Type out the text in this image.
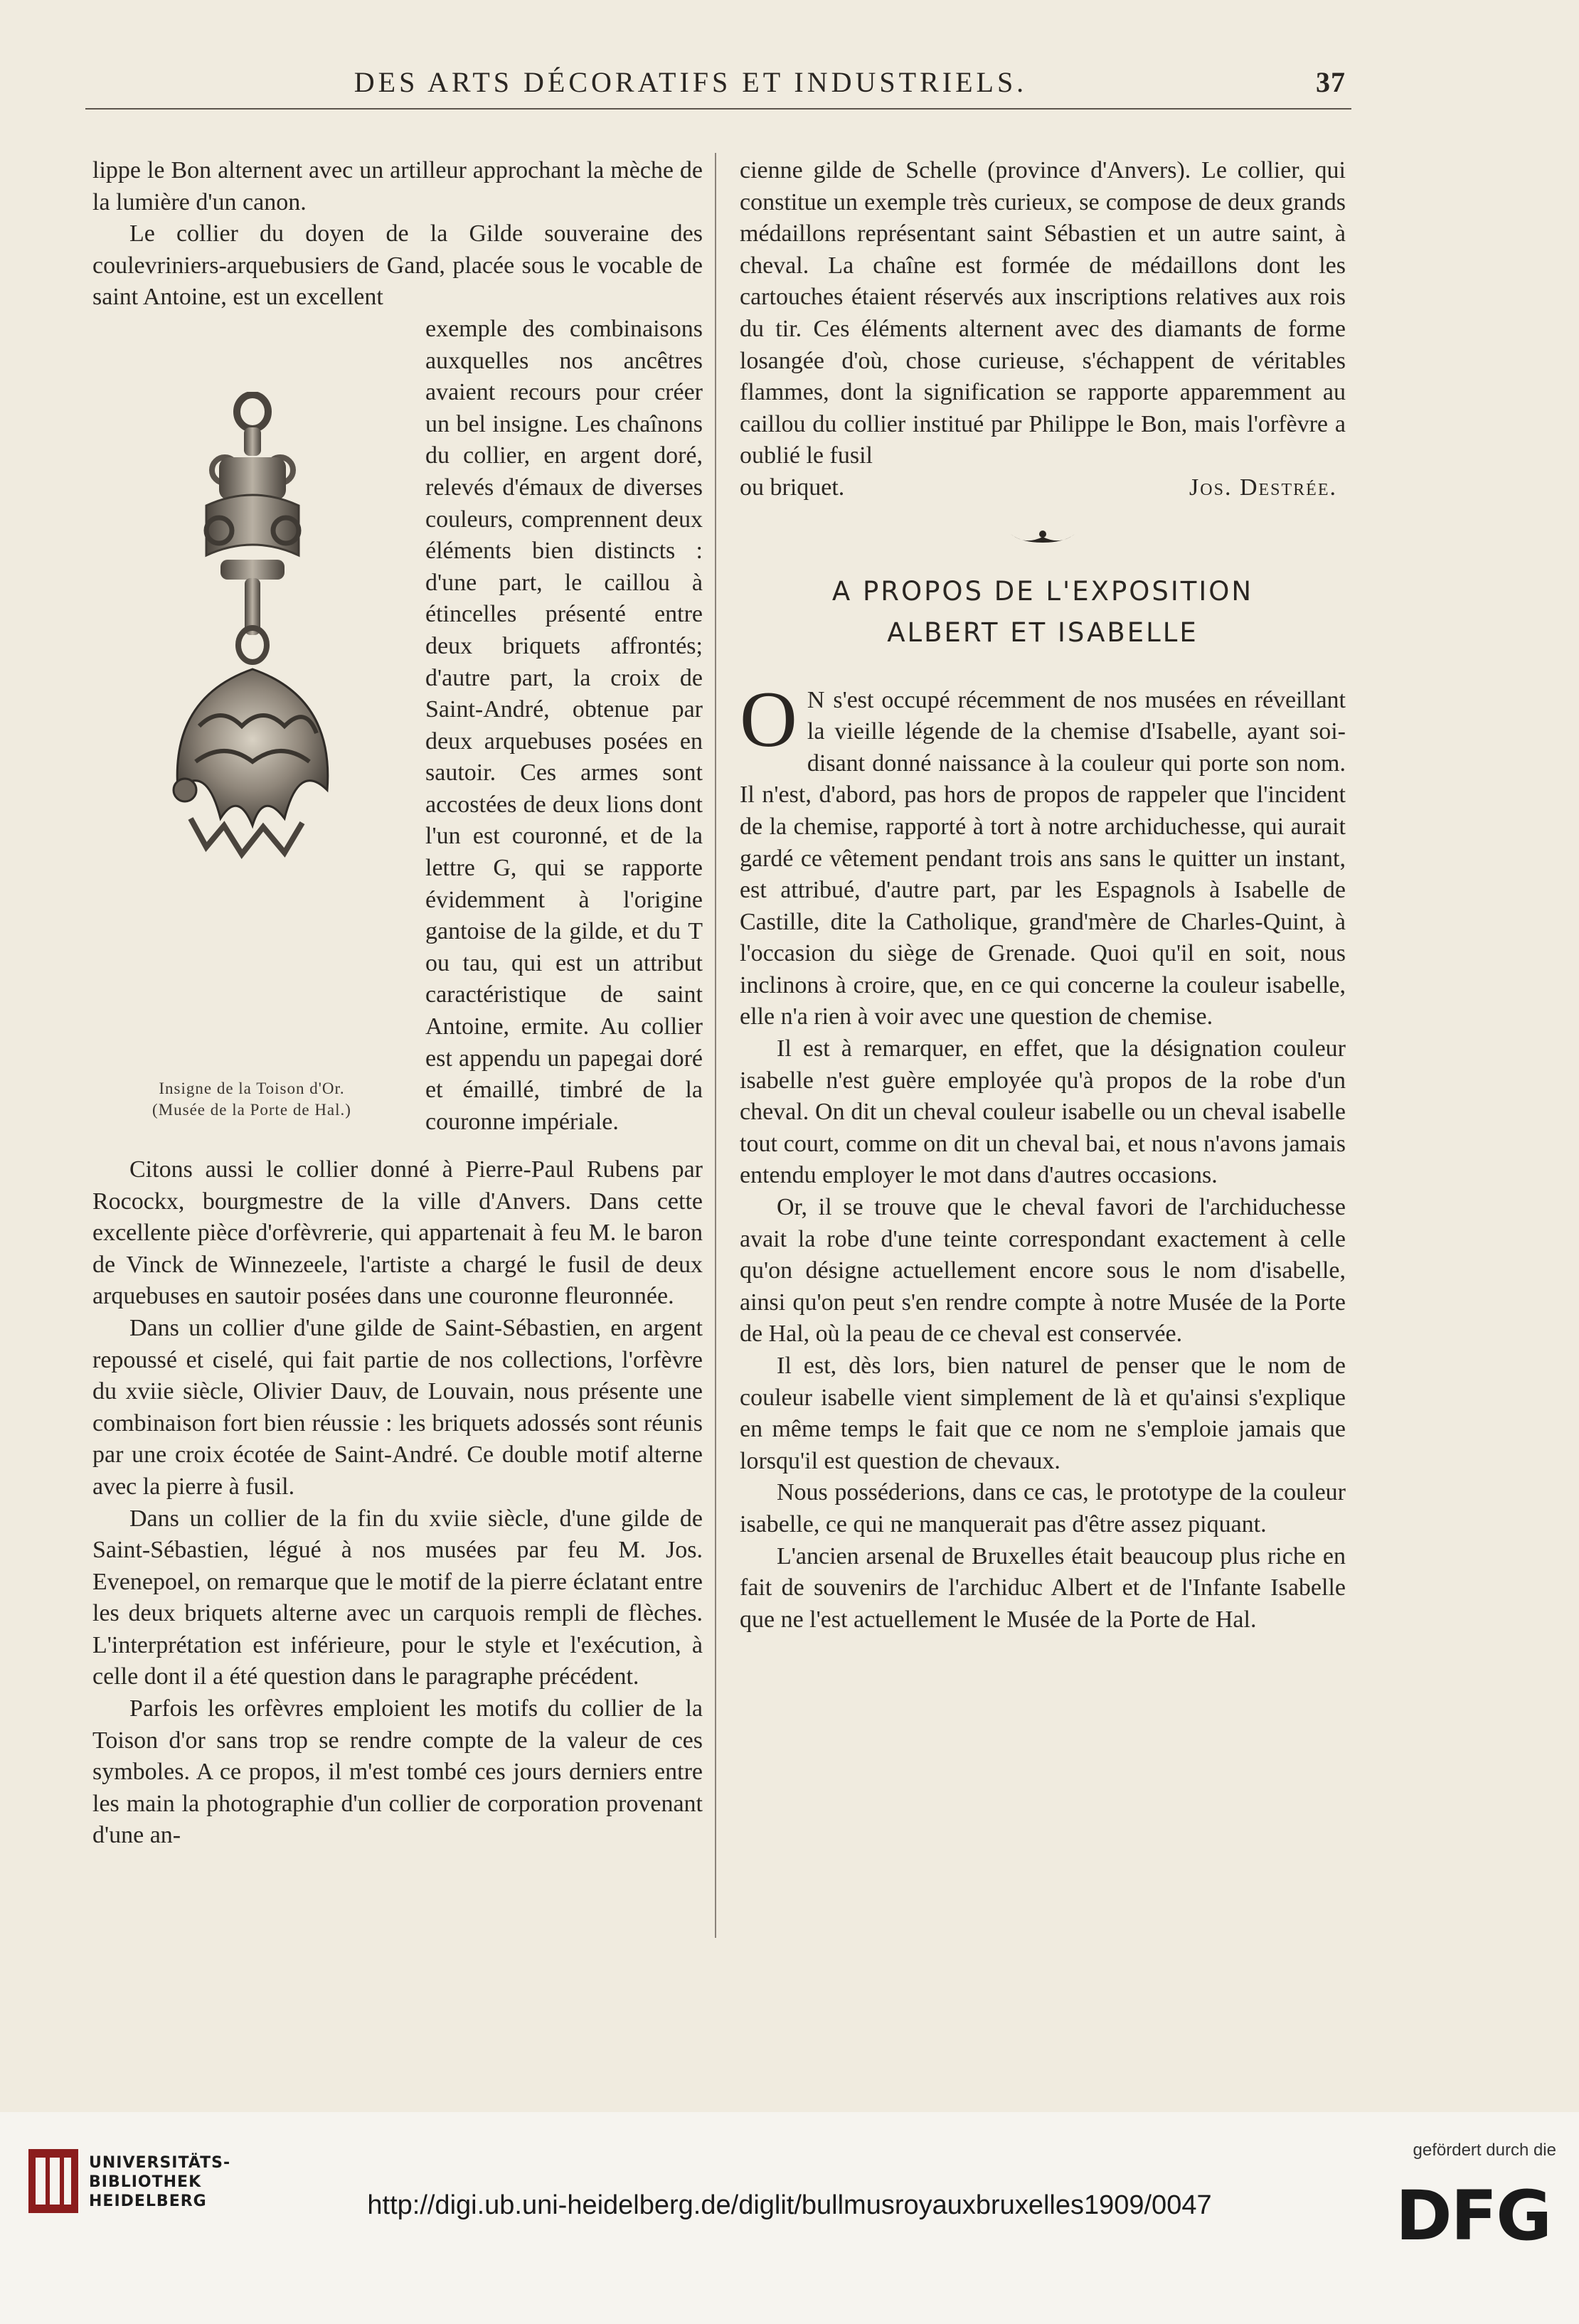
DES ARTS DÉCORATIFS ET INDUSTRIELS.	37

lippe le Bon alternent avec un artilleur approchant la mèche de la lumière d'un canon.

Le collier du doyen de la Gilde souveraine des coulevriniers-arquebusiers de Gand, placée sous le vocable de saint Antoine, est un excellent

Insigne de la Toison d'Or.
(Musée de la Porte de Hal.)

exemple des combinaisons auxquelles nos ancêtres avaient recours pour créer un bel insigne. Les chaînons du collier, en argent doré, relevés d'émaux de diverses couleurs, comprennent deux éléments bien distincts : d'une part, le caillou à étincelles présenté entre deux briquets affrontés; d'autre part, la croix de Saint-André, obtenue par deux arquebuses posées en sautoir. Ces armes sont accostées de deux lions dont l'un est couronné, et de la lettre G, qui se rapporte évidemment à l'origine gantoise de la gilde, et du T ou tau, qui est un attribut caractéristique de saint Antoine, ermite. Au collier est appendu un papegai doré et émaillé, timbré de la couronne impériale.

Citons aussi le collier donné à Pierre-Paul Rubens par Rocockx, bourgmestre de la ville d'Anvers. Dans cette excellente pièce d'orfèvrerie, qui appartenait à feu M. le baron de Vinck de Winnezeele, l'artiste a chargé le fusil de deux arquebuses en sautoir posées dans une couronne fleuronnée.

Dans un collier d'une gilde de Saint-Sébastien, en argent repoussé et ciselé, qui fait partie de nos collections, l'orfèvre du xviie siècle, Olivier Dauv, de Louvain, nous présente une combinaison fort bien réussie : les briquets adossés sont réunis par une croix écotée de Saint-André. Ce double motif alterne avec la pierre à fusil.

Dans un collier de la fin du xviie siècle, d'une gilde de Saint-Sébastien, légué à nos musées par feu M. Jos. Evenepoel, on remarque que le motif de la pierre éclatant entre les deux briquets alterne avec un carquois rempli de flèches. L'interprétation est inférieure, pour le style et l'exécution, à celle dont il a été question dans le paragraphe précédent.

Parfois les orfèvres emploient les motifs du collier de la Toison d'or sans trop se rendre compte de la valeur de ces symboles. A ce propos, il m'est tombé ces jours derniers entre les main la photographie d'un collier de corporation provenant d'une an-

cienne gilde de Schelle (province d'Anvers). Le collier, qui constitue un exemple très curieux, se compose de deux grands médaillons représentant saint Sébastien et un autre saint, à cheval. La chaîne est formée de médaillons dont les cartouches étaient réservés aux inscriptions relatives aux rois du tir. Ces éléments alternent avec des diamants de forme losangée d'où, chose curieuse, s'échappent de véritables flammes, dont la signification se rapporte apparemment au caillou du collier institué par Philippe le Bon, mais l'orfèvre a oublié le fusil

ou briquet.	Jos. Destrée.

A PROPOS DE L'EXPOSITION
ALBERT ET ISABELLE

O N s'est occupé récemment de nos musées en réveillant la vieille légende de la chemise d'Isabelle, ayant soi-disant donné naissance à la couleur qui porte son nom. Il n'est, d'abord, pas hors de propos de rappeler que l'incident de la chemise, rapporté à tort à notre archiduchesse, qui aurait gardé ce vêtement pendant trois ans sans le quitter un instant, est attribué, d'autre part, par les Espagnols à Isabelle de Castille, dite la Catholique, grand'mère de Charles-Quint, à l'occasion du siège de Grenade. Quoi qu'il en soit, nous inclinons à croire, que, en ce qui concerne la couleur isabelle, elle n'a rien à voir avec une question de chemise.

Il est à remarquer, en effet, que la désignation couleur isabelle n'est guère employée qu'à propos de la robe d'un cheval. On dit un cheval couleur isabelle ou un cheval isabelle tout court, comme on dit un cheval bai, et nous n'avons jamais entendu employer le mot dans d'autres occasions.

Or, il se trouve que le cheval favori de l'archiduchesse avait la robe d'une teinte correspondant exactement à celle qu'on désigne actuellement encore sous le nom d'isabelle, ainsi qu'on peut s'en rendre compte à notre Musée de la Porte de Hal, où la peau de ce cheval est conservée.

Il est, dès lors, bien naturel de penser que le nom de couleur isabelle vient simplement de là et qu'ainsi s'explique en même temps le fait que ce nom ne s'emploie jamais que lorsqu'il est question de chevaux.

Nous posséderions, dans ce cas, le prototype de la couleur isabelle, ce qui ne manquerait pas d'être assez piquant.

L'ancien arsenal de Bruxelles était beaucoup plus riche en fait de souvenirs de l'archiduc Albert et de l'Infante Isabelle que ne l'est actuellement le Musée de la Porte de Hal.

UNIVERSITÄTS-
BIBLIOTHEK
HEIDELBERG	http://digi.ub.uni-heidelberg.de/diglit/bullmusroyauxbruxelles1909/0047
gefördert durch die
DFG
